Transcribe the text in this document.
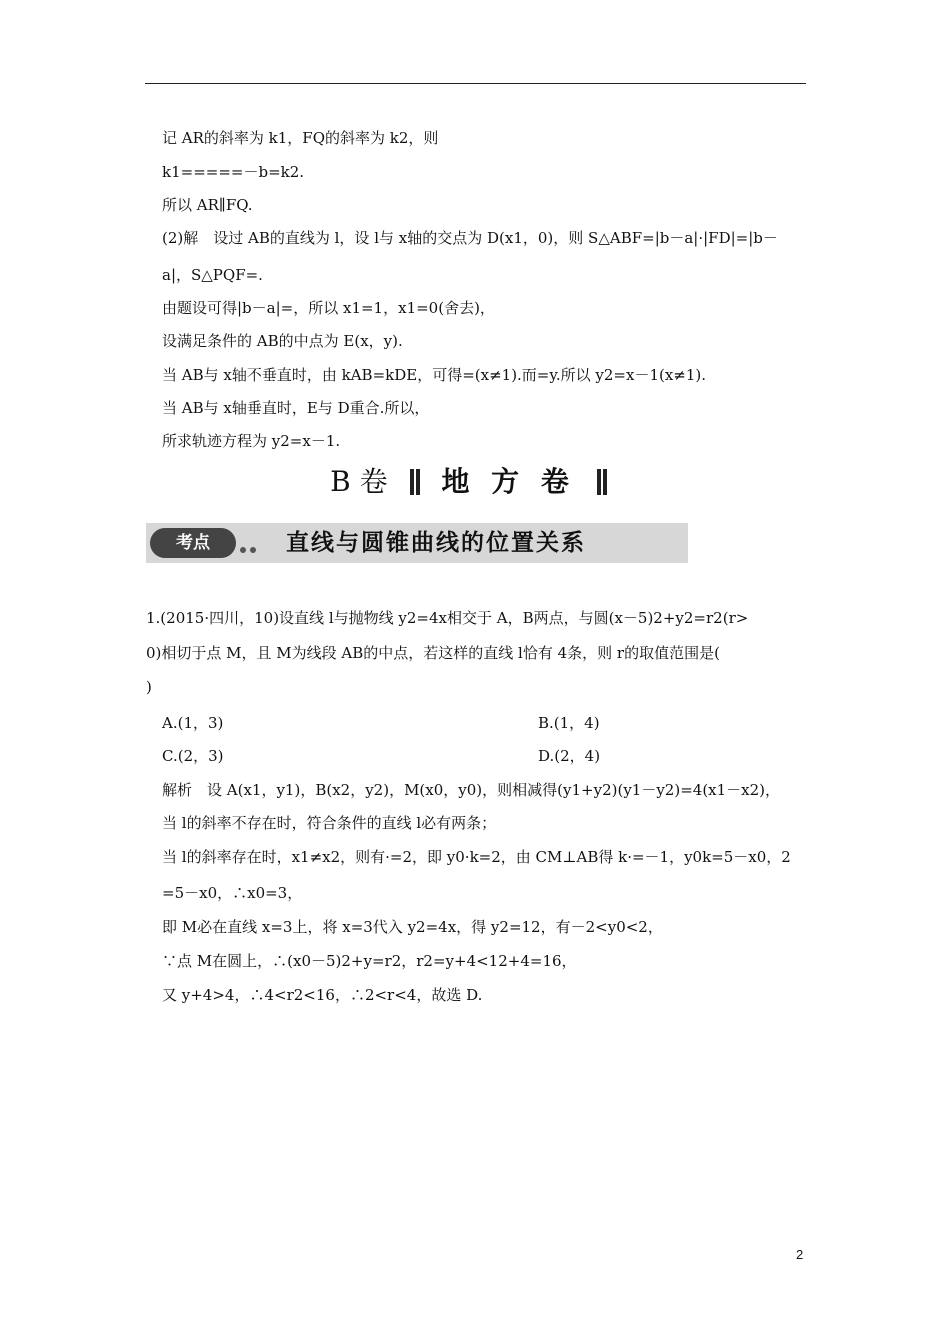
记 AR的斜率为 k1，FQ的斜率为 k2，则
k1=====－b=k2.
所以 AR∥FQ.
(2)解　设过 AB的直线为 l，设 l与 x轴的交点为 D(x1，0)，则 S△ABF=|b－a|·|FD|=|b－
a|，S△PQF=.
由题设可得|b－a|=，所以 x1=1，x1=0(舍去)，
设满足条件的 AB的中点为 E(x，y).
当 AB与 x轴不垂直时，由 kAB=kDE，可得=(x≠1).而=y.所以 y2=x－1(x≠1).
当 AB与 x轴垂直时，E与 D重合.所以，
所求轨迹方程为 y2=x－1.
B 卷 地 方 卷
考点	直线与圆锥曲线的位置关系
1.(2015·四川，10)设直线 l与抛物线 y2=4x相交于 A，B两点，与圆(x－5)2+y2=r2(r>
0)相切于点 M，且 M为线段 AB的中点，若这样的直线 l恰有 4条，则 r的取值范围是(
)
A.(1，3)	B.(1，4)
C.(2，3)	D.(2，4)
解析　设 A(x1，y1)，B(x2，y2)，M(x0，y0)，则相减得(y1+y2)(y1－y2)=4(x1－x2)，
当 l的斜率不存在时，符合条件的直线 l必有两条；
当 l的斜率存在时，x1≠x2，则有·=2，即 y0·k=2，由 CM⊥AB得 k·=－1，y0k=5－x0，2
=5－x0，∴x0=3，
即 M必在直线 x=3上，将 x=3代入 y2=4x，得 y2=12，有－2<y0<2，
∵点 M在圆上，∴(x0－5)2+y=r2，r2=y+4<12+4=16，
又 y+4>4，∴4<r2<16，∴2<r<4，故选 D.
2
